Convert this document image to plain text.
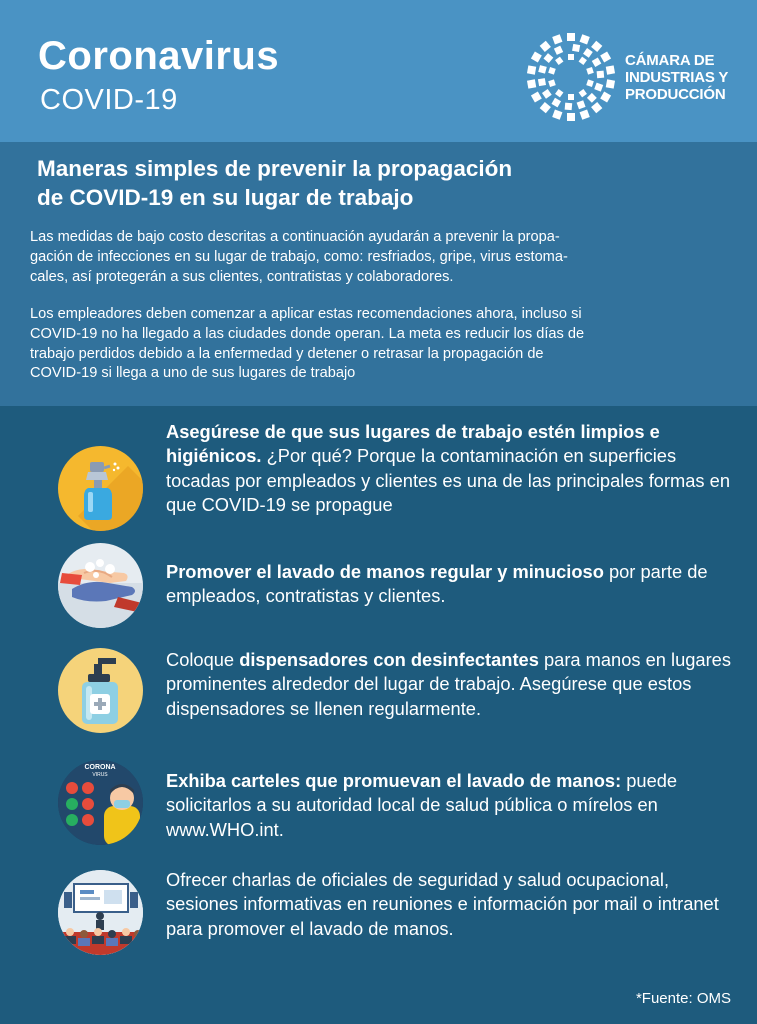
Coronavirus
COVID-19
CÁMARA DE
INDUSTRIAS Y
PRODUCCIÓN
Maneras simples de prevenir la propagación
de COVID-19 en su lugar de trabajo
Las medidas de bajo costo descritas a continuación ayudarán a prevenir la propa-
gación de infecciones en su lugar de trabajo, como: resfriados, gripe, virus estoma-
cales, así protegerán a sus clientes, contratistas y colaboradores.
Los empleadores deben comenzar a aplicar estas recomendaciones ahora, incluso si
COVID-19 no ha llegado a las ciudades donde operan. La meta es reducir los días de
trabajo perdidos debido a la enfermedad y detener o retrasar la propagación de
COVID-19 si llega a uno de sus lugares de trabajo
Asegúrese de que sus lugares de trabajo estén limpios e higiénicos. ¿Por qué? Porque la contaminación en superficies tocadas por empleados y clientes es una de las principales formas en que COVID-19 se propague
Promover el lavado de manos regular y minucioso por parte de empleados, contratistas y clientes.
Coloque dispensadores con desinfectantes para manos en lugares prominentes alrededor del lugar de trabajo. Asegúrese que estos dispensadores se llenen regularmente.
CORONA
VIRUS	Exhiba carteles que promuevan el lavado de manos: puede solicitarlos a su autoridad local de salud pública o mírelos en www.WHO.int.
Ofrecer charlas de oficiales de seguridad y salud ocupacional, sesiones informativas en reuniones e información por mail o intranet para promover el lavado de manos.
*Fuente: OMS
